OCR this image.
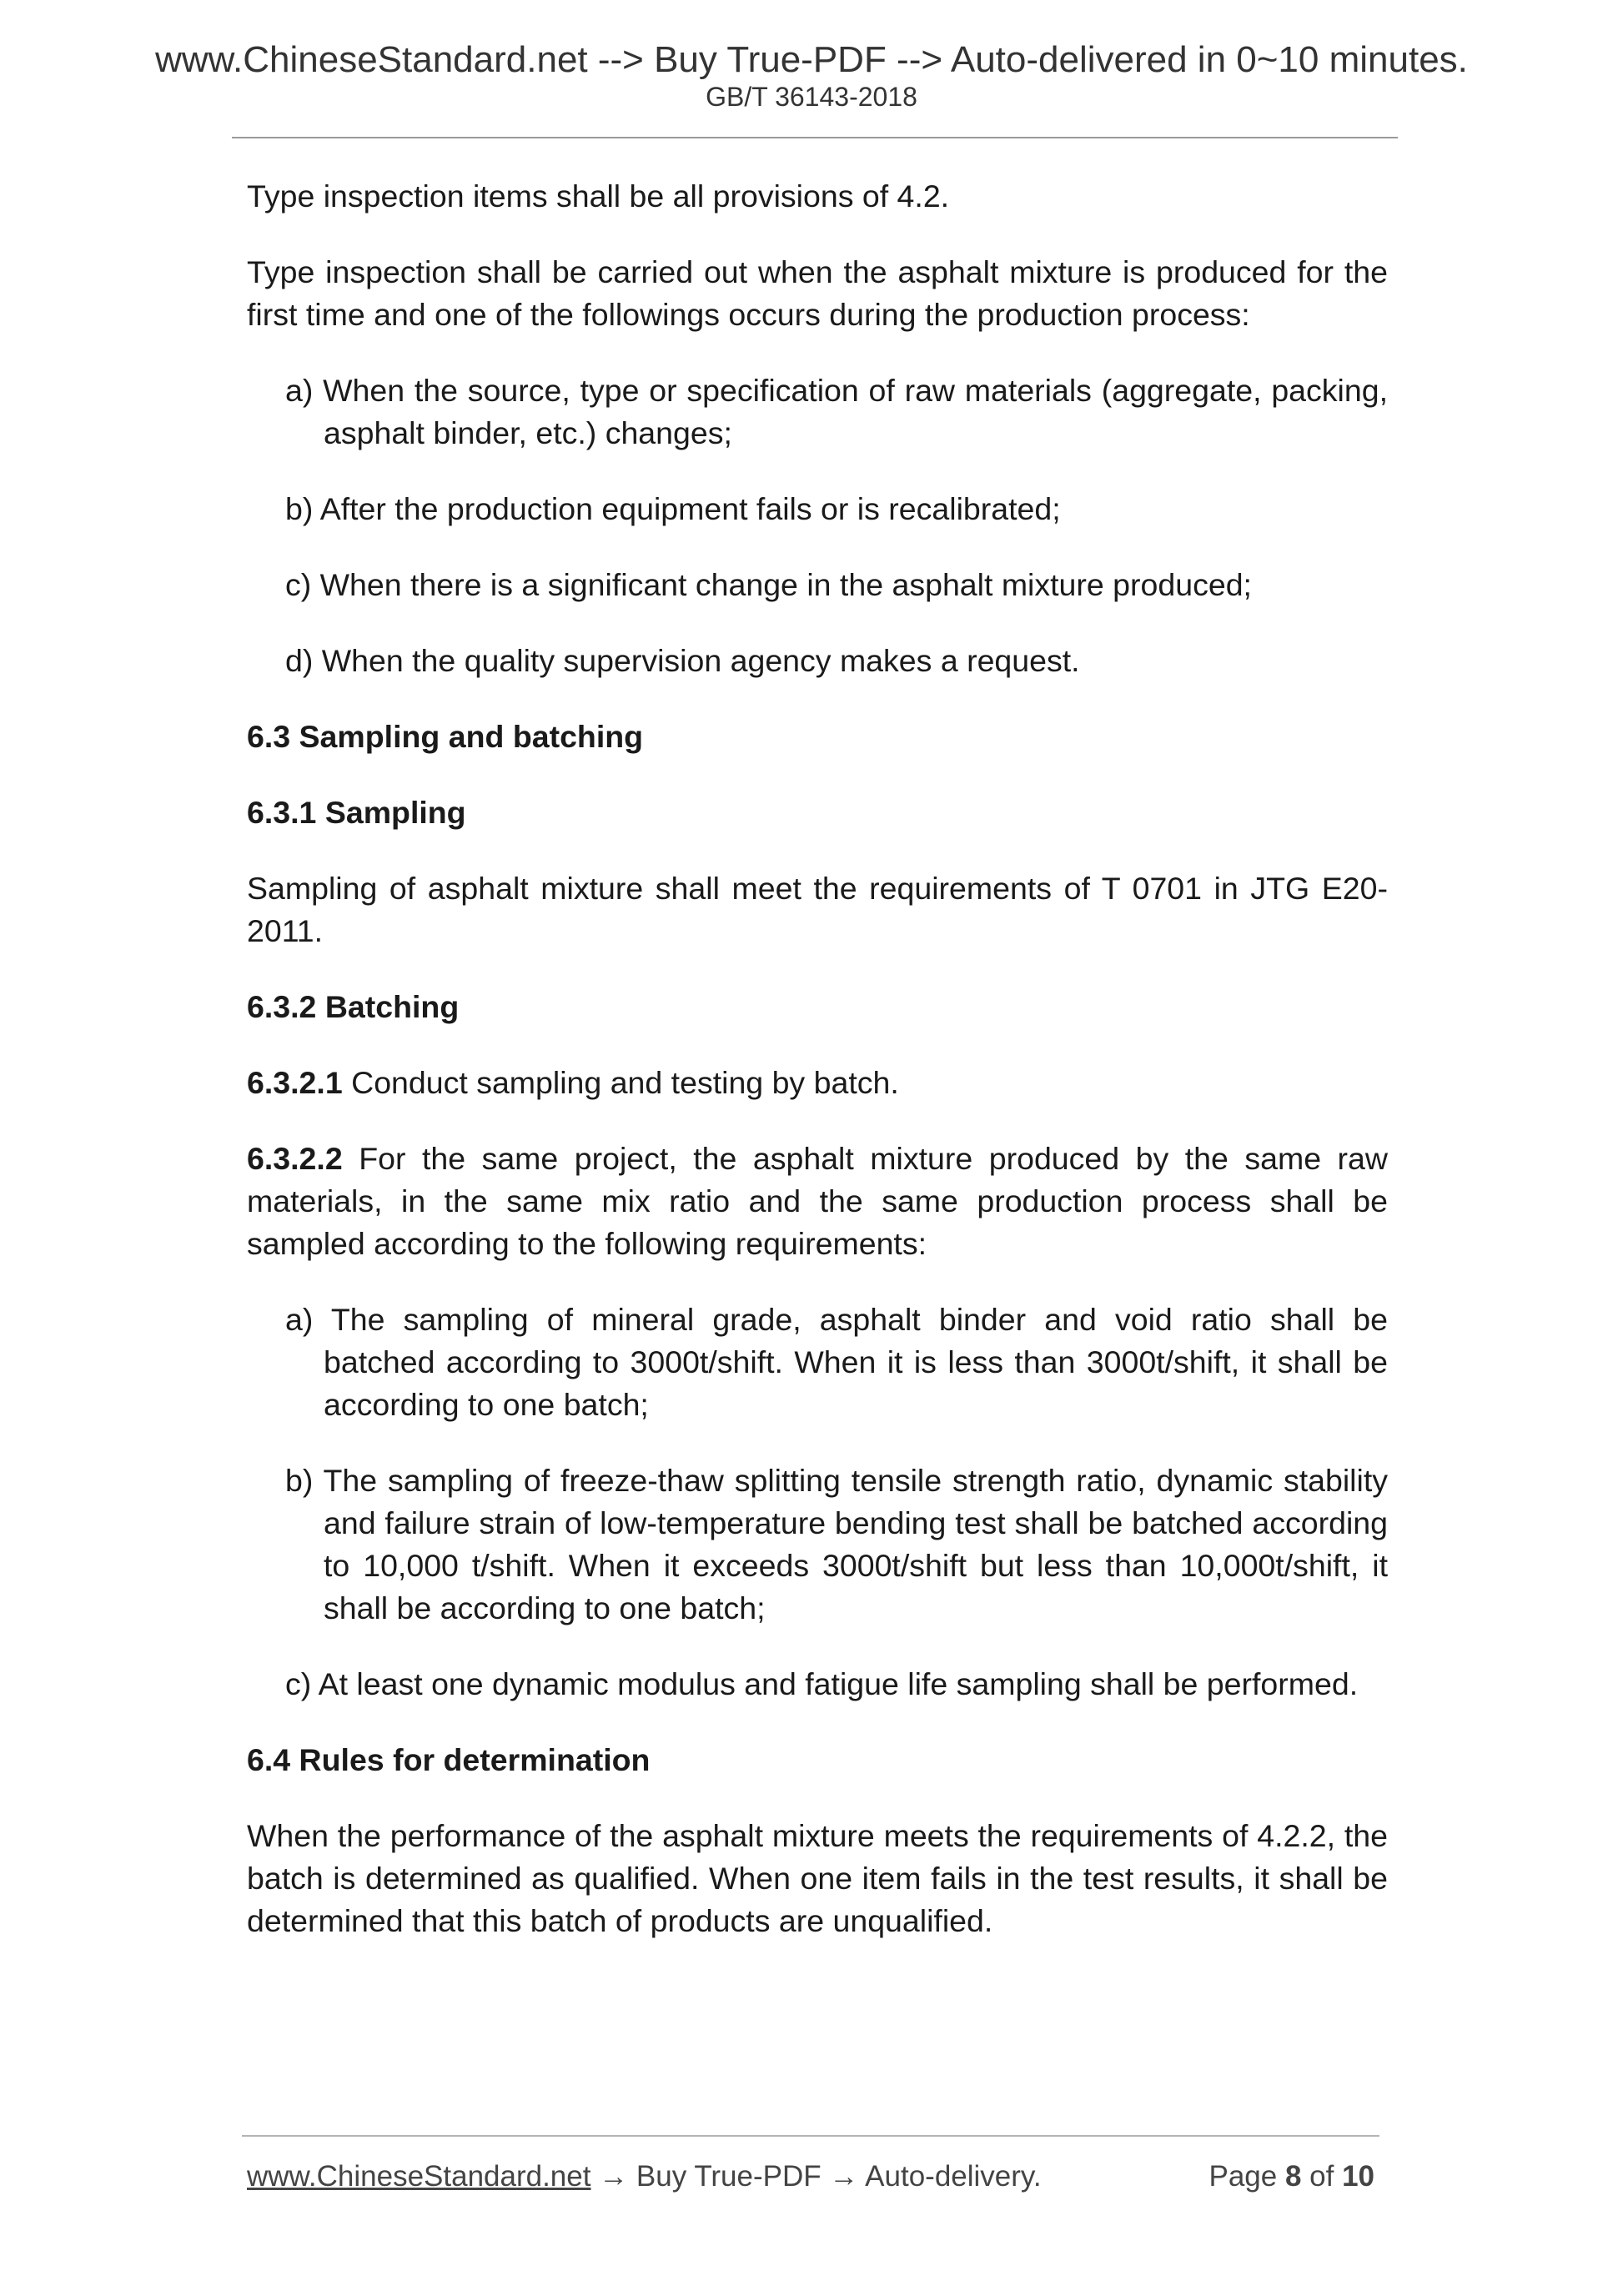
www.ChineseStandard.net --> Buy True-PDF --> Auto-delivered in 0~10 minutes.
GB/T 36143-2018

Type inspection items shall be all provisions of 4.2.

Type inspection shall be carried out when the asphalt mixture is produced for the first time and one of the followings occurs during the production process:

a) When the source, type or specification of raw materials (aggregate, packing, asphalt binder, etc.) changes;

b) After the production equipment fails or is recalibrated;

c) When there is a significant change in the asphalt mixture produced;

d) When the quality supervision agency makes a request.

6.3 Sampling and batching

6.3.1 Sampling

Sampling of asphalt mixture shall meet the requirements of T 0701 in JTG E20-2011.

6.3.2 Batching

6.3.2.1 Conduct sampling and testing by batch.

6.3.2.2 For the same project, the asphalt mixture produced by the same raw materials, in the same mix ratio and the same production process shall be sampled according to the following requirements:

a) The sampling of mineral grade, asphalt binder and void ratio shall be batched according to 3000t/shift. When it is less than 3000t/shift, it shall be according to one batch;

b) The sampling of freeze-thaw splitting tensile strength ratio, dynamic stability and failure strain of low-temperature bending test shall be batched according to 10,000 t/shift. When it exceeds 3000t/shift but less than 10,000t/shift, it shall be according to one batch;

c) At least one dynamic modulus and fatigue life sampling shall be performed.

6.4 Rules for determination

When the performance of the asphalt mixture meets the requirements of 4.2.2, the batch is determined as qualified. When one item fails in the test results, it shall be determined that this batch of products are unqualified.

www.ChineseStandard.net → Buy True-PDF → Auto-delivery.	Page 8 of 10
